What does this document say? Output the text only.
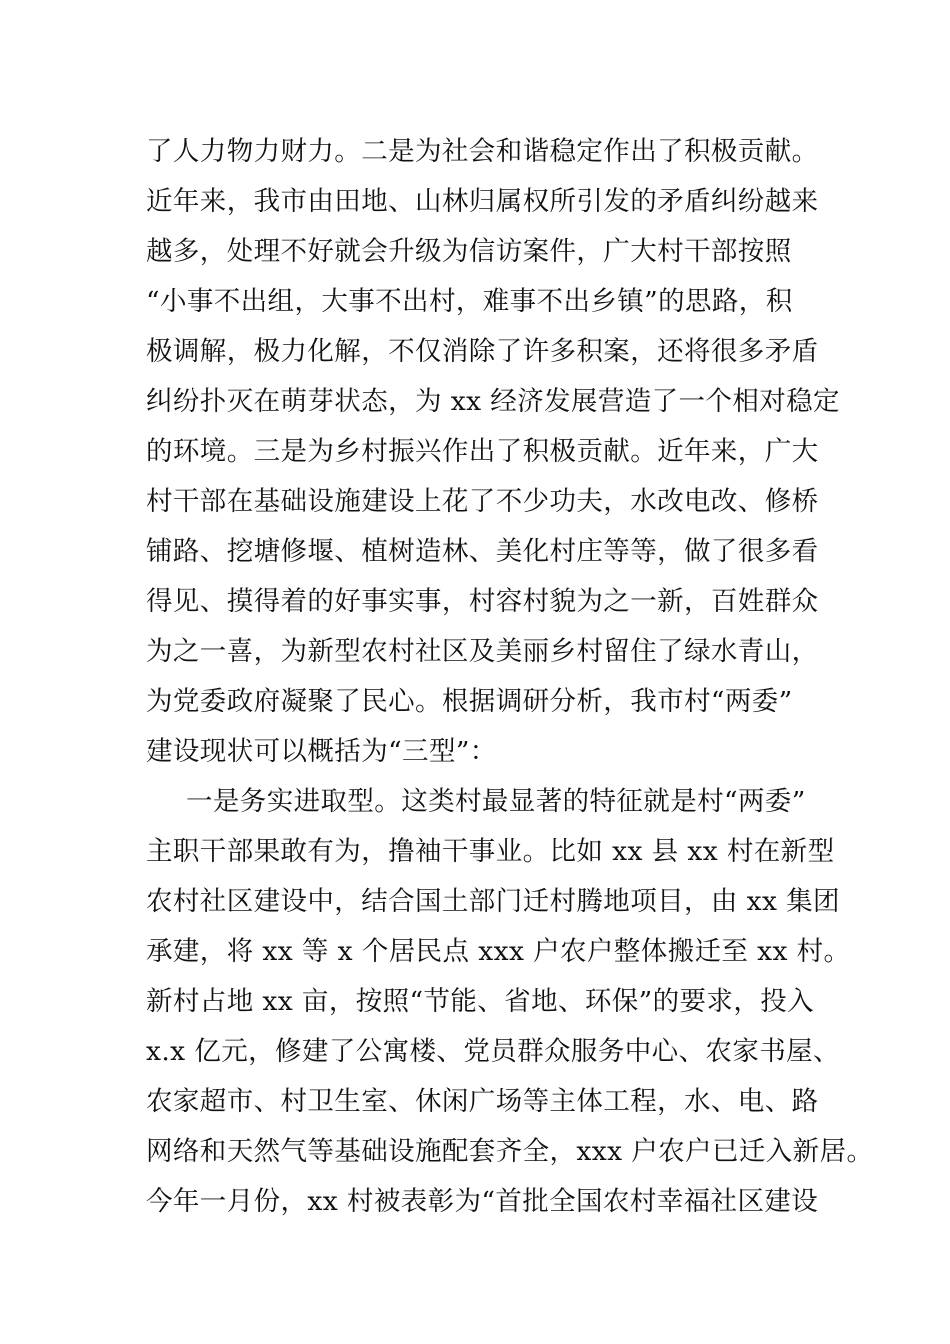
了人力物力财力。二是为社会和谐稳定作出了积极贡献。
近年来，我市由田地、山林归属权所引发的矛盾纠纷越来
越多，处理不好就会升级为信访案件，广大村干部按照
“小事不出组，大事不出村，难事不出乡镇”的思路，积
极调解，极力化解，不仅消除了许多积案，还将很多矛盾
纠纷扑灭在萌芽状态，为 xx 经济发展营造了一个相对稳定
的环境。三是为乡村振兴作出了积极贡献。近年来，广大
村干部在基础设施建设上花了不少功夫，水改电改、修桥
铺路、挖塘修堰、植树造林、美化村庄等等，做了很多看
得见、摸得着的好事实事，村容村貌为之一新，百姓群众
为之一喜，为新型农村社区及美丽乡村留住了绿水青山，
为党委政府凝聚了民心。根据调研分析，我市村“两委”
建设现状可以概括为“三型”：
一是务实进取型。这类村最显著的特征就是村“两委”
主职干部果敢有为，撸袖干事业。比如 xx 县 xx 村在新型
农村社区建设中，结合国土部门迁村腾地项目，由 xx 集团
承建，将 xx 等 x 个居民点 xxx 户农户整体搬迁至 xx 村。
新村占地 xx 亩，按照“节能、省地、环保”的要求，投入
x.x 亿元，修建了公寓楼、党员群众服务中心、农家书屋、
农家超市、村卫生室、休闲广场等主体工程，水、电、路
网络和天然气等基础设施配套齐全，xxx 户农户已迁入新居。
今年一月份，xx 村被表彰为“首批全国农村幸福社区建设
